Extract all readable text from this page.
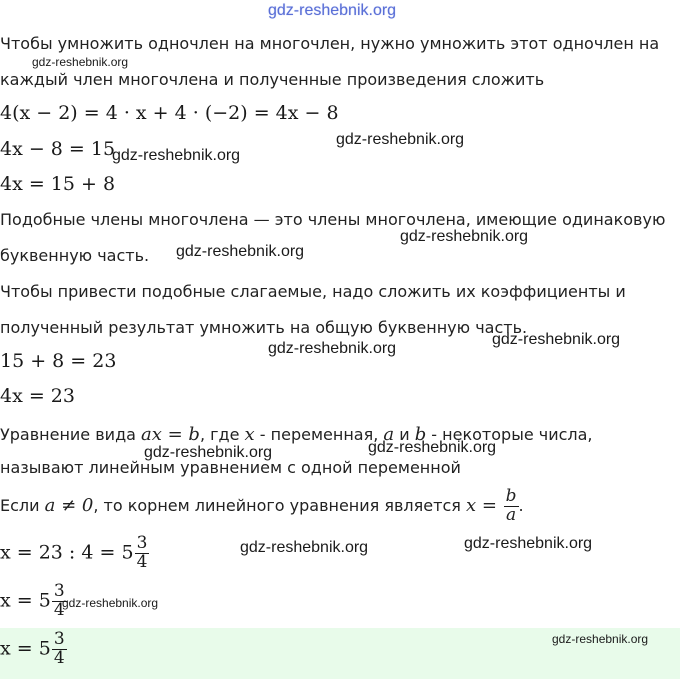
gdz-reshebnik.org
Чтобы умножить одночлен на многочлен, нужно умножить этот одночлен на
gdz-reshebnik.org
каждый член многочлена и полученные произведения сложить
4(x − 2) = 4 · x + 4 · (−2) = 4x − 8
gdz-reshebnik.org
4x − 8 = 15
gdz-reshebnik.org
4x = 15 + 8
Подобные члены многочлена — это члены многочлена, имеющие одинаковую
gdz-reshebnik.org
gdz-reshebnik.org
буквенную часть.
Чтобы привести подобные слагаемые, надо сложить их коэффициенты и
полученный результат умножить на общую буквенную часть.
gdz-reshebnik.org
gdz-reshebnik.org
15 + 8 = 23
4x = 23
Уравнение вида ax = b, где x - переменная, a и b - некоторые числа,
gdz-reshebnik.org
gdz-reshebnik.org
называют линейным уравнением с одной переменной
Если a ≠ 0, то корнем линейного уравнения является $x = \frac{b}{a}$ .
x = 23 : $4 = 5 \frac{3}{4}$	gdz-reshebnik.org	gdz-reshebnik.org
$x = 5 \frac{3}{4}$
gdz-reshebnik.org
gdz-reshebnik.org
$x = 5 \frac{3}{4}$
